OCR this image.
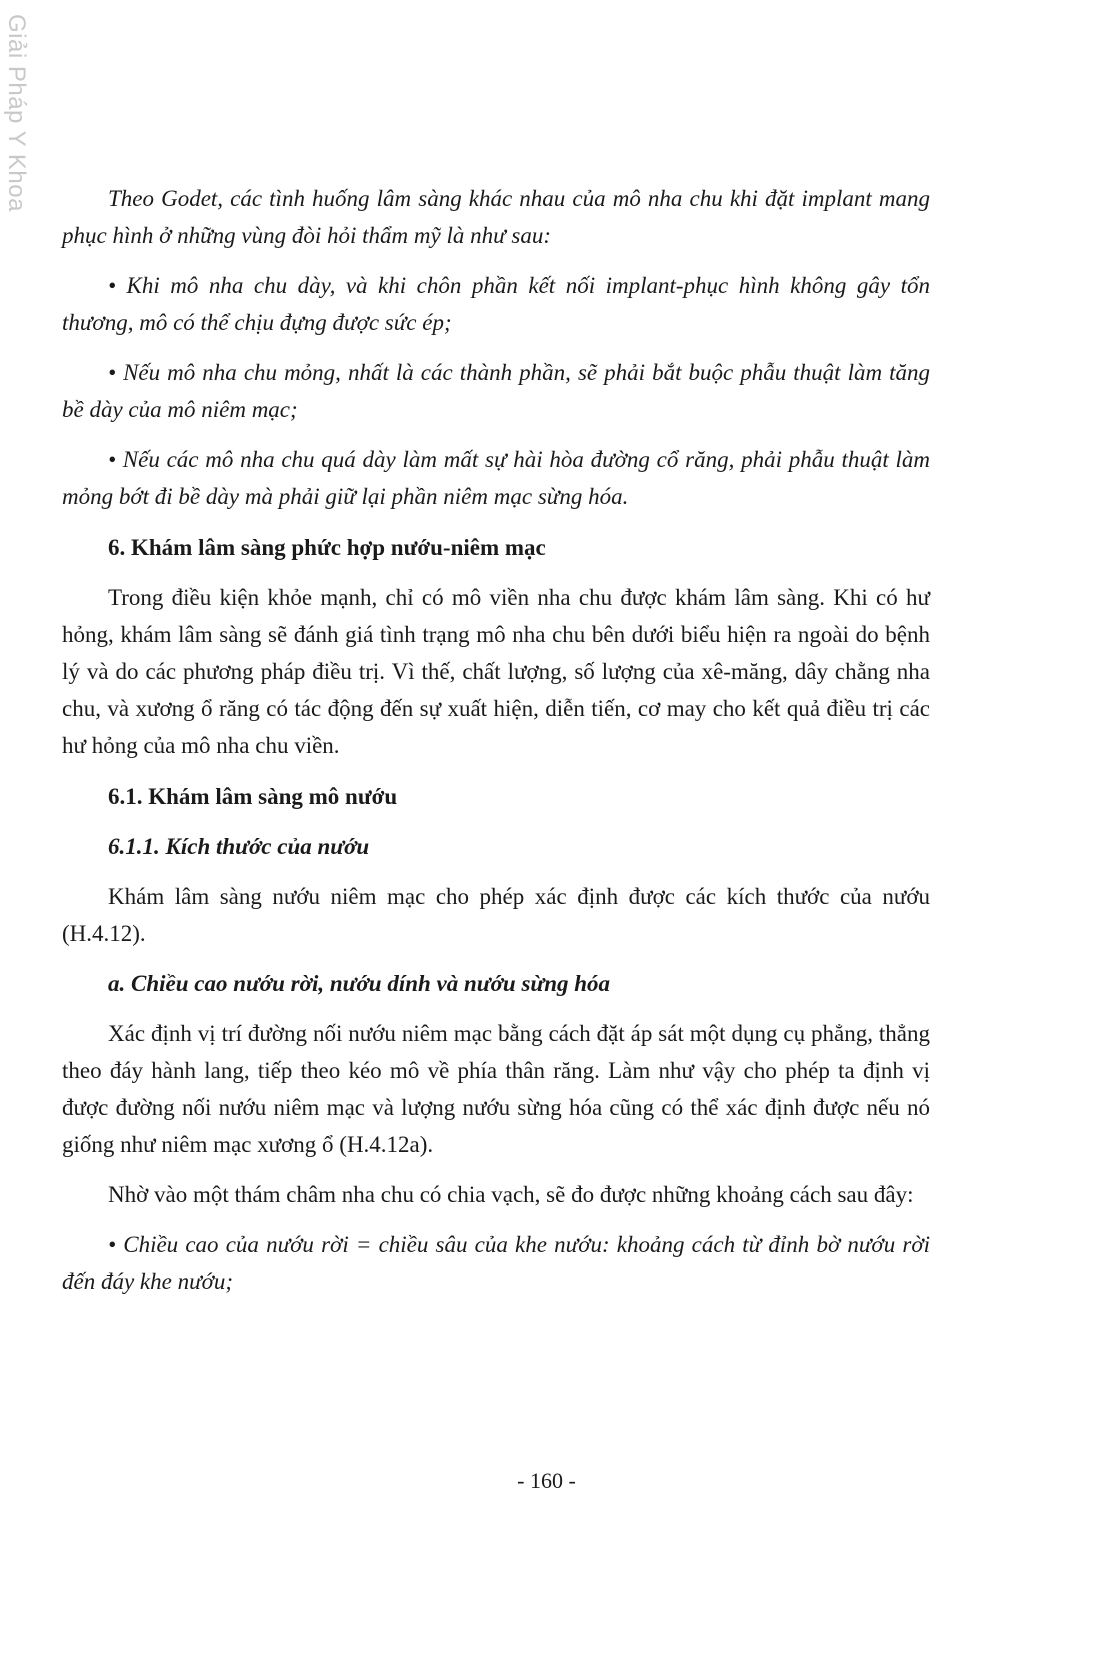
Giải Pháp Y Khoa	Theo Godet, các tình huống lâm sàng khác nhau của mô nha chu khi đặt implant mang phục hình ở những vùng đòi hỏi thẩm mỹ là như sau:

• Khi mô nha chu dày, và khi chôn phần kết nối implant-phục hình không gây tổn thương, mô có thể chịu đựng được sức ép;

• Nếu mô nha chu mỏng, nhất là các thành phần, sẽ phải bắt buộc phẫu thuật làm tăng bề dày của mô niêm mạc;

• Nếu các mô nha chu quá dày làm mất sự hài hòa đường cổ răng, phải phẫu thuật làm mỏng bớt đi bề dày mà phải giữ lại phần niêm mạc sừng hóa.

6. Khám lâm sàng phức hợp nướu-niêm mạc

Trong điều kiện khỏe mạnh, chỉ có mô viền nha chu được khám lâm sàng. Khi có hư hỏng, khám lâm sàng sẽ đánh giá tình trạng mô nha chu bên dưới biểu hiện ra ngoài do bệnh lý và do các phương pháp điều trị. Vì thế, chất lượng, số lượng của xê-măng, dây chằng nha chu, và xương ổ răng có tác động đến sự xuất hiện, diễn tiến, cơ may cho kết quả điều trị các hư hỏng của mô nha chu viền.

6.1. Khám lâm sàng mô nướu

6.1.1. Kích thước của nướu

Khám lâm sàng nướu niêm mạc cho phép xác định được các kích thước của nướu (H.4.12).

a. Chiều cao nướu rời, nướu dính và nướu sừng hóa

Xác định vị trí đường nối nướu niêm mạc bằng cách đặt áp sát một dụng cụ phẳng, thẳng theo đáy hành lang, tiếp theo kéo mô về phía thân răng. Làm như vậy cho phép ta định vị được đường nối nướu niêm mạc và lượng nướu sừng hóa cũng có thể xác định được nếu nó giống như niêm mạc xương ổ (H.4.12a).

Nhờ vào một thám châm nha chu có chia vạch, sẽ đo được những khoảng cách sau đây:

• Chiều cao của nướu rời = chiều sâu của khe nướu: khoảng cách từ đỉnh bờ nướu rời đến đáy khe nướu;

- 160 -
